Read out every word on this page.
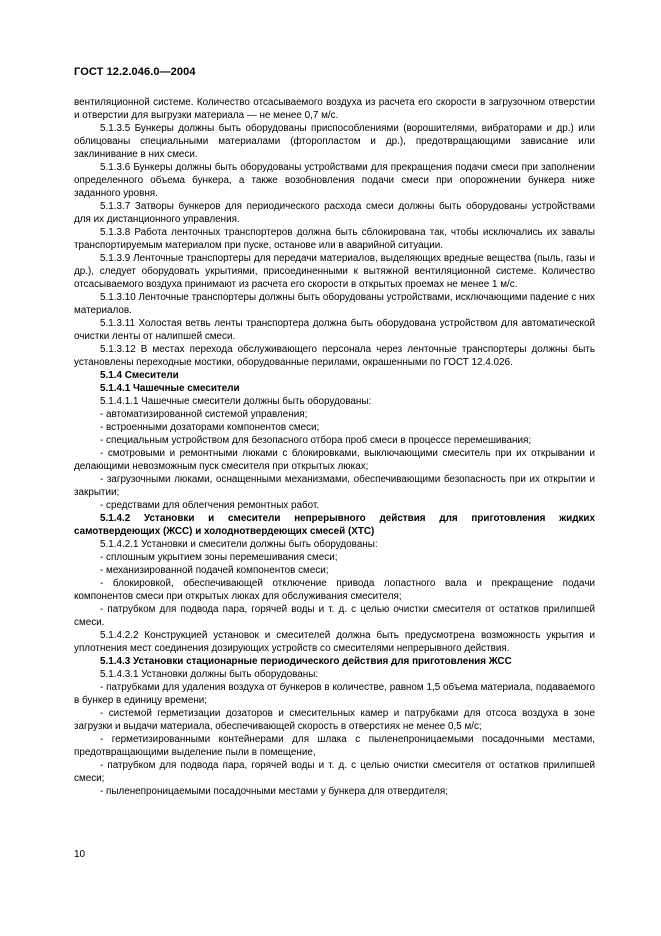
ГОСТ 12.2.046.0—2004

вентиляционной системе. Количество отсасываемого воздуха из расчета его скорости в загрузочном отверстии и отверстии для выгрузки материала — не менее 0,7 м/с.

5.1.3.5 Бункеры должны быть оборудованы приспособлениями (ворошителями, вибраторами и др.) или облицованы специальными материалами (фторопластом и др.), предотвращающими зависание или заклинивание в них смеси.

5.1.3.6 Бункеры должны быть оборудованы устройствами для прекращения подачи смеси при заполнении определенного объема бункера, а также возобновления подачи смеси при опорожнении бункера ниже заданного уровня.

5.1.3.7 Затворы бункеров для периодического расхода смеси должны быть оборудованы устройствами для их дистанционного управления.

5.1.3.8 Работа ленточных транспортеров должна быть сблокирована так, чтобы исключались их завалы транспортируемым материалом при пуске, останове или в аварийной ситуации.

5.1.3.9 Ленточные транспортеры для передачи материалов, выделяющих вредные вещества (пыль, газы и др.), следует оборудовать укрытиями, присоединенными к вытяжной вентиляционной системе. Количество отсасываемого воздуха принимают из расчета его скорости в открытых проемах не менее 1 м/с.

5.1.3.10 Ленточные транспортеры должны быть оборудованы устройствами, исключающими падение с них материалов.

5.1.3.11 Холостая ветвь ленты транспортера должна быть оборудована устройством для автоматической очистки ленты от налипшей смеси.

5.1.3.12 В местах перехода обслуживающего персонала через ленточные транспортеры должны быть установлены переходные мостики, оборудованные перилами, окрашенными по ГОСТ 12.4.026.

5.1.4 Смесители

5.1.4.1 Чашечные смесители

5.1.4.1.1 Чашечные смесители должны быть оборудованы:

- автоматизированной системой управления;

- встроенными дозаторами компонентов смеси;

- специальным устройством для безопасного отбора проб смеси в процессе перемешивания;

- смотровыми и ремонтными люками с блокировками, выключающими смеситель при их открывании и делающими невозможным пуск смесителя при открытых люках;

- загрузочными люками, оснащенными механизмами, обеспечивающими безопасность при их открытии и закрытии;

- средствами для облегчения ремонтных работ.

5.1.4.2 Установки и смесители непрерывного действия для приготовления жидких самотвердеющих (ЖСС) и холоднотвердеющих смесей (ХТС)

5.1.4.2.1 Установки и смесители должны быть оборудованы:

- сплошным укрытием зоны перемешивания смеси;

- механизированной подачей компонентов смеси;

- блокировкой, обеспечивающей отключение привода лопастного вала и прекращение подачи компонентов смеси при открытых люках для обслуживания смесителя;

- патрубком для подвода пара, горячей воды и т. д. с целью очистки смесителя от остатков прилипшей смеси.

5.1.4.2.2 Конструкцией установок и смесителей должна быть предусмотрена возможность укрытия и уплотнения мест соединения дозирующих устройств со смесителями непрерывного действия.

5.1.4.3 Установки стационарные периодического действия для приготовления ЖСС

5.1.4.3.1 Установки должны быть оборудованы:

- патрубками для удаления воздуха от бункеров в количестве, равном 1,5 объема материала, подаваемого в бункер в единицу времени;

- системой герметизации дозаторов и смесительных камер и патрубками для отсоса воздуха в зоне загрузки и выдачи материала, обеспечивающей скорость в отверстиях не менее 0,5 м/с;

- герметизированными контейнерами для шлака с пыленепроницаемыми посадочными местами, предотвращающими выделение пыли в помещение,

- патрубком для подвода пара, горячей воды и т. д. с целью очистки смесителя от остатков прилипшей смеси;

- пыленепроницаемыми посадочными местами у бункера для отвердителя;

10
